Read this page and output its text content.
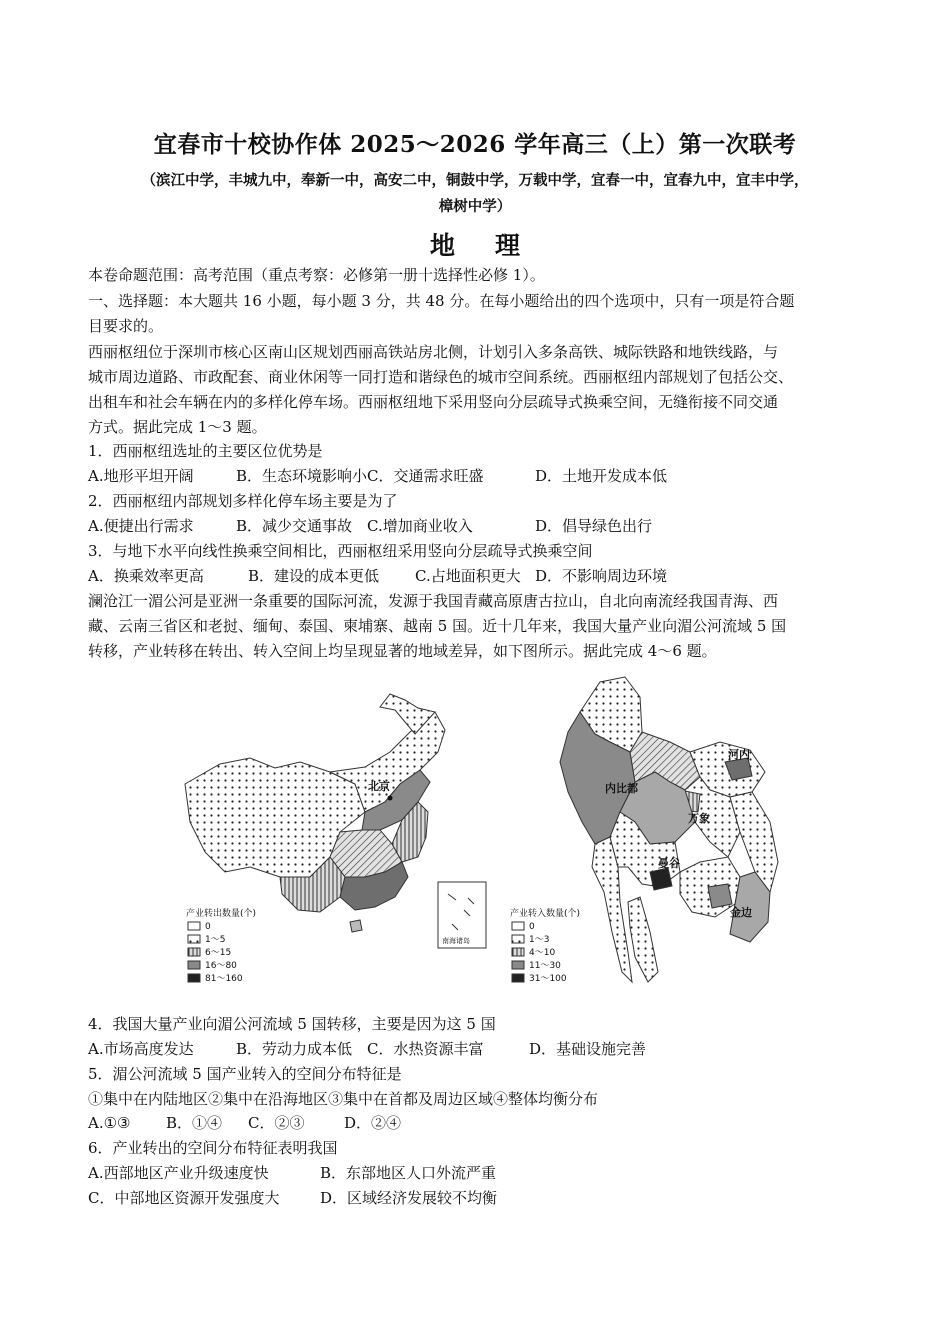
宜春市十校协作体 2025～2026 学年高三（上）第一次联考
（滨江中学，丰城九中，奉新一中，高安二中，铜鼓中学，万载中学，宜春一中，宜春九中，宜丰中学，
樟树中学）
地理
本卷命题范围：高考范围（重点考察：必修第一册十选择性必修 1）。
一、选择题：本大题共 16 小题，每小题 3 分，共 48 分。在每小题给出的四个选项中，只有一项是符合题
目要求的。
西丽枢纽位于深圳市核心区南山区规划西丽高铁站房北侧，计划引入多条高铁、城际铁路和地铁线路，与
城市周边道路、市政配套、商业休闲等一同打造和谐绿色的城市空间系统。西丽枢纽内部规划了包括公交、
出租车和社会车辆在内的多样化停车场。西丽枢纽地下采用竖向分层疏导式换乘空间，无缝衔接不同交通
方式。据此完成 1～3 题。
1．西丽枢纽选址的主要区位优势是
A.地形平坦开阔	B．生态环境影响小C．交通需求旺盛	D．土地开发成本低
2．西丽枢纽内部规划多样化停车场主要是为了
A.便捷出行需求	B．减少交通事故 C.增加商业收入	D．倡导绿色出行
3．与地下水平向线性换乘空间相比，西丽枢纽采用竖向分层疏导式换乘空间
A．换乘效率更高	B．建设的成本更低 C.占地面积更大 D．不影响周边环境
澜沧江一湄公河是亚洲一条重要的国际河流，发源于我国青藏高原唐古拉山，自北向南流经我国青海、西
藏、云南三省区和老挝、缅甸、泰国、柬埔寨、越南 5 国。近十几年来，我国大量产业向湄公河流域 5 国
转移，产业转移在转出、转入空间上均呈现显著的地域差异，如下图所示。据此完成 4～6 题。
北京
南海诸岛
产业转出数量(个)
0
1～5
6～15
16～80
81～160
河内
内比都
万象
曼谷
金边
产业转入数量(个)
0
1～3
4～10
11～30
31～100
4．我国大量产业向湄公河流域 5 国转移，主要是因为这 5 国
A.市场高度发达	B．劳动力成本低 C．水热资源丰富	D．基础设施完善
5．湄公河流域 5 国产业转入的空间分布特征是
①集中在内陆地区②集中在沿海地区③集中在首都及周边区域④整体均衡分布
A.①③ B．①④ C．②③	D．②④
6．产业转出的空间分布特征表明我国
A.西部地区产业升级速度快	B．东部地区人口外流严重
C．中部地区资源开发强度大	D．区域经济发展较不均衡
